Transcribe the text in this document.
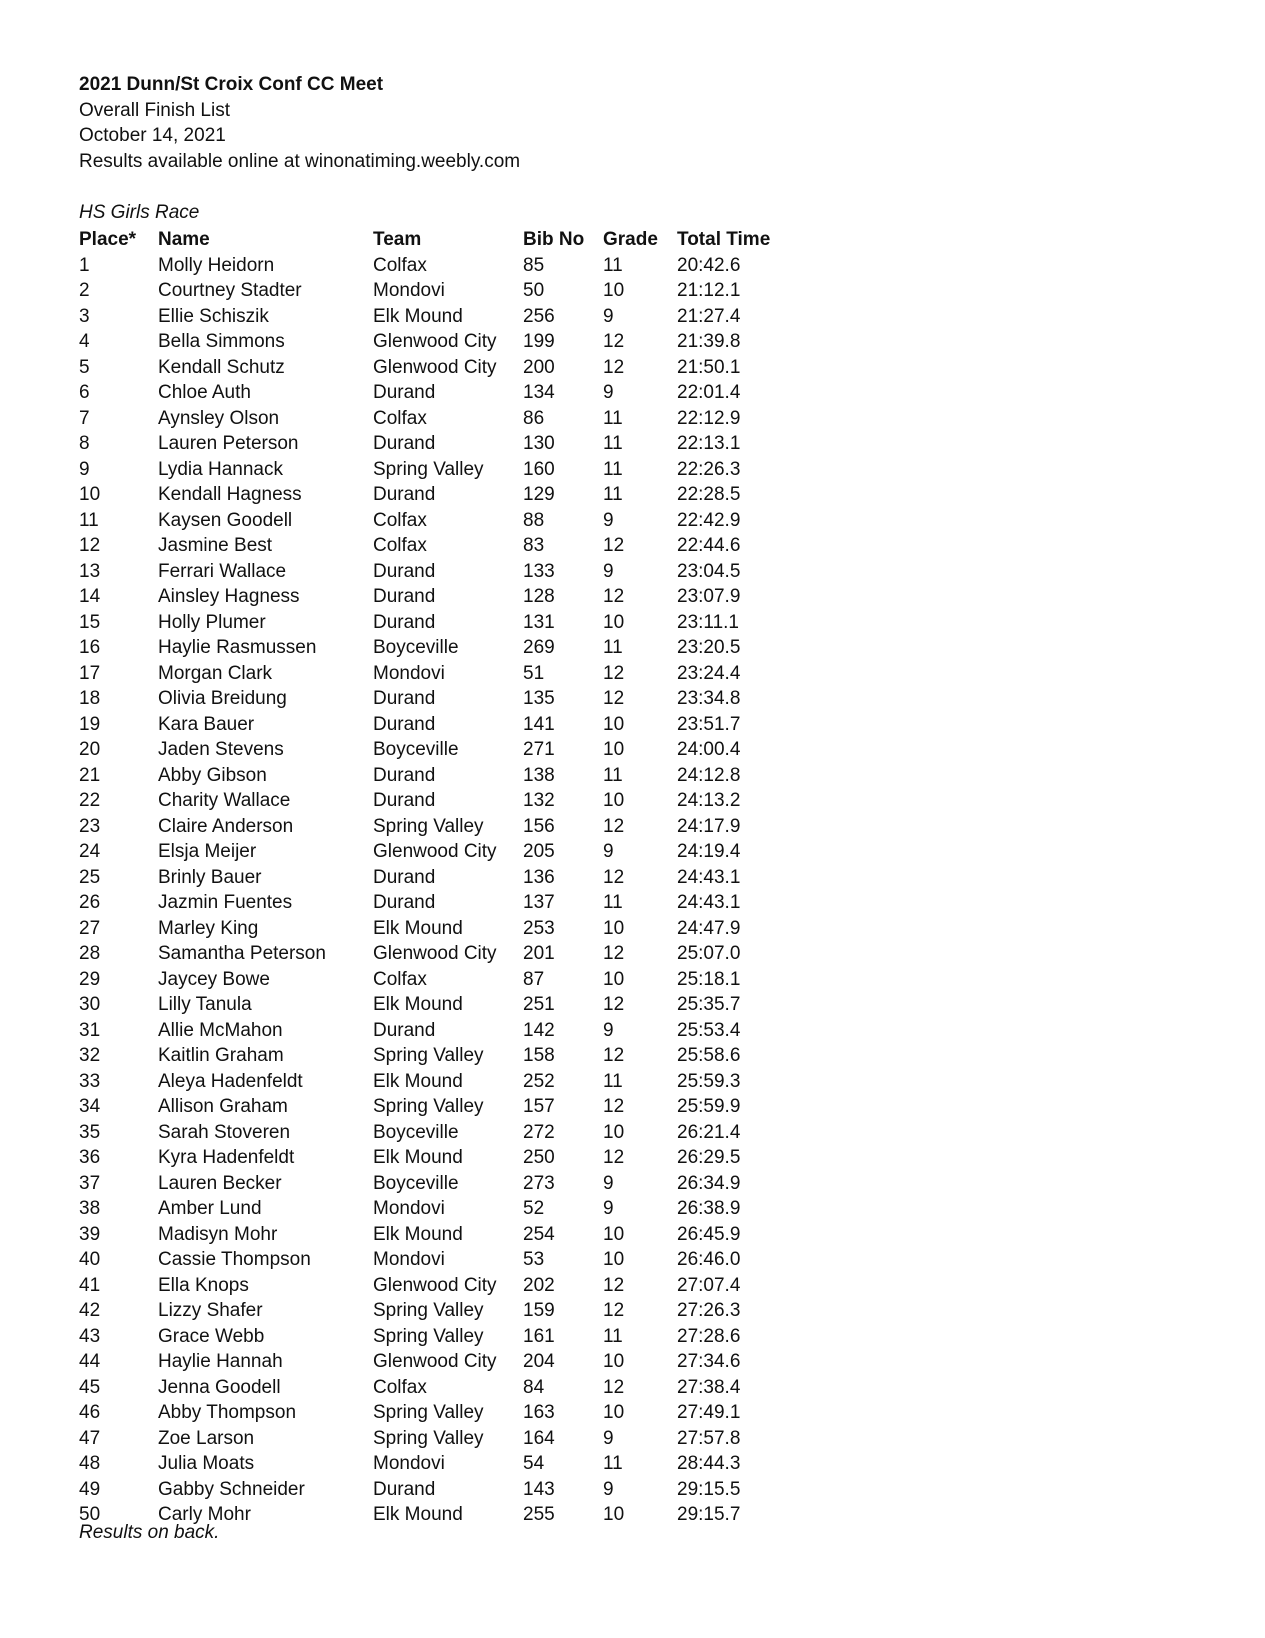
2021 Dunn/St Croix Conf CC Meet
Overall Finish List
October 14, 2021
Results available online at winonatiming.weebly.com
HS Girls Race
Place*	Name	Team	Bib No	Grade	Total Time
1	Molly Heidorn	Colfax	85	11	20:42.6
2	Courtney Stadter	Mondovi	50	10	21:12.1
3	Ellie Schiszik	Elk Mound	256	9	21:27.4
4	Bella Simmons	Glenwood City	199	12	21:39.8
5	Kendall Schutz	Glenwood City	200	12	21:50.1
6	Chloe Auth	Durand	134	9	22:01.4
7	Aynsley Olson	Colfax	86	11	22:12.9
8	Lauren Peterson	Durand	130	11	22:13.1
9	Lydia Hannack	Spring Valley	160	11	22:26.3
10	Kendall Hagness	Durand	129	11	22:28.5
11	Kaysen Goodell	Colfax	88	9	22:42.9
12	Jasmine Best	Colfax	83	12	22:44.6
13	Ferrari Wallace	Durand	133	9	23:04.5
14	Ainsley Hagness	Durand	128	12	23:07.9
15	Holly Plumer	Durand	131	10	23:11.1
16	Haylie Rasmussen	Boyceville	269	11	23:20.5
17	Morgan Clark	Mondovi	51	12	23:24.4
18	Olivia Breidung	Durand	135	12	23:34.8
19	Kara Bauer	Durand	141	10	23:51.7
20	Jaden Stevens	Boyceville	271	10	24:00.4
21	Abby Gibson	Durand	138	11	24:12.8
22	Charity Wallace	Durand	132	10	24:13.2
23	Claire Anderson	Spring Valley	156	12	24:17.9
24	Elsja Meijer	Glenwood City	205	9	24:19.4
25	Brinly Bauer	Durand	136	12	24:43.1
26	Jazmin Fuentes	Durand	137	11	24:43.1
27	Marley King	Elk Mound	253	10	24:47.9
28	Samantha Peterson	Glenwood City	201	12	25:07.0
29	Jaycey Bowe	Colfax	87	10	25:18.1
30	Lilly Tanula	Elk Mound	251	12	25:35.7
31	Allie McMahon	Durand	142	9	25:53.4
32	Kaitlin Graham	Spring Valley	158	12	25:58.6
33	Aleya Hadenfeldt	Elk Mound	252	11	25:59.3
34	Allison Graham	Spring Valley	157	12	25:59.9
35	Sarah Stoveren	Boyceville	272	10	26:21.4
36	Kyra Hadenfeldt	Elk Mound	250	12	26:29.5
37	Lauren Becker	Boyceville	273	9	26:34.9
38	Amber Lund	Mondovi	52	9	26:38.9
39	Madisyn Mohr	Elk Mound	254	10	26:45.9
40	Cassie Thompson	Mondovi	53	10	26:46.0
41	Ella Knops	Glenwood City	202	12	27:07.4
42	Lizzy Shafer	Spring Valley	159	12	27:26.3
43	Grace Webb	Spring Valley	161	11	27:28.6
44	Haylie Hannah	Glenwood City	204	10	27:34.6
45	Jenna Goodell	Colfax	84	12	27:38.4
46	Abby Thompson	Spring Valley	163	10	27:49.1
47	Zoe Larson	Spring Valley	164	9	27:57.8
48	Julia Moats	Mondovi	54	11	28:44.3
49	Gabby Schneider	Durand	143	9	29:15.5
50	Carly Mohr	Elk Mound	255	10	29:15.7
Results on back.
